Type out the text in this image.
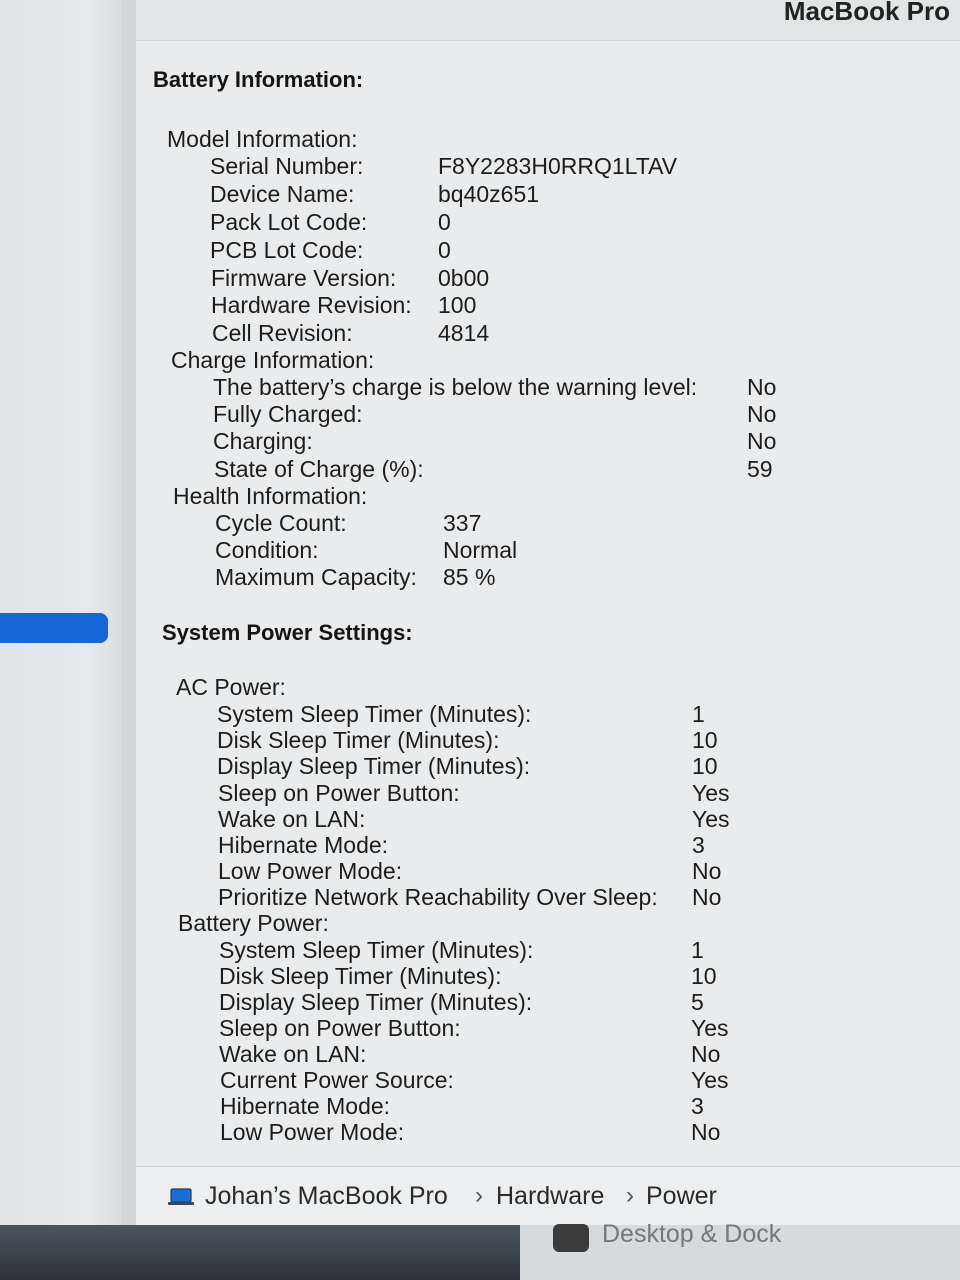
MacBook Pro
Battery Information:
Model Information:
Serial Number:	F8Y2283H0RRQ1LTAV
Device Name:	bq40z651
Pack Lot Code:	0
PCB Lot Code:	0
Firmware Version: 0b00
Hardware Revision: 100
Cell Revision:	4814
Charge Information:
The battery’s charge is below the warning level: No
Fully Charged:	No
Charging:	No
State of Charge (%):	59
Health Information:
Cycle Count:	337
Condition:	Normal
Maximum Capacity: 85 %
System Power Settings:
AC Power:
System Sleep Timer (Minutes):	1
Disk Sleep Timer (Minutes):	10
Display Sleep Timer (Minutes):	10
Sleep on Power Button:	Yes
Wake on LAN:	Yes
Hibernate Mode:	3
Low Power Mode:	No
Prioritize Network Reachability Over Sleep: No
Battery Power:
System Sleep Timer (Minutes):	1
Disk Sleep Timer (Minutes):	10
Display Sleep Timer (Minutes):	5
Sleep on Power Button:	Yes
Wake on LAN:	No
Current Power Source:	Yes
Hibernate Mode:	3
Low Power Mode:	No
Johan’s MacBook Pro › Hardware › Power
Desktop & Dock
